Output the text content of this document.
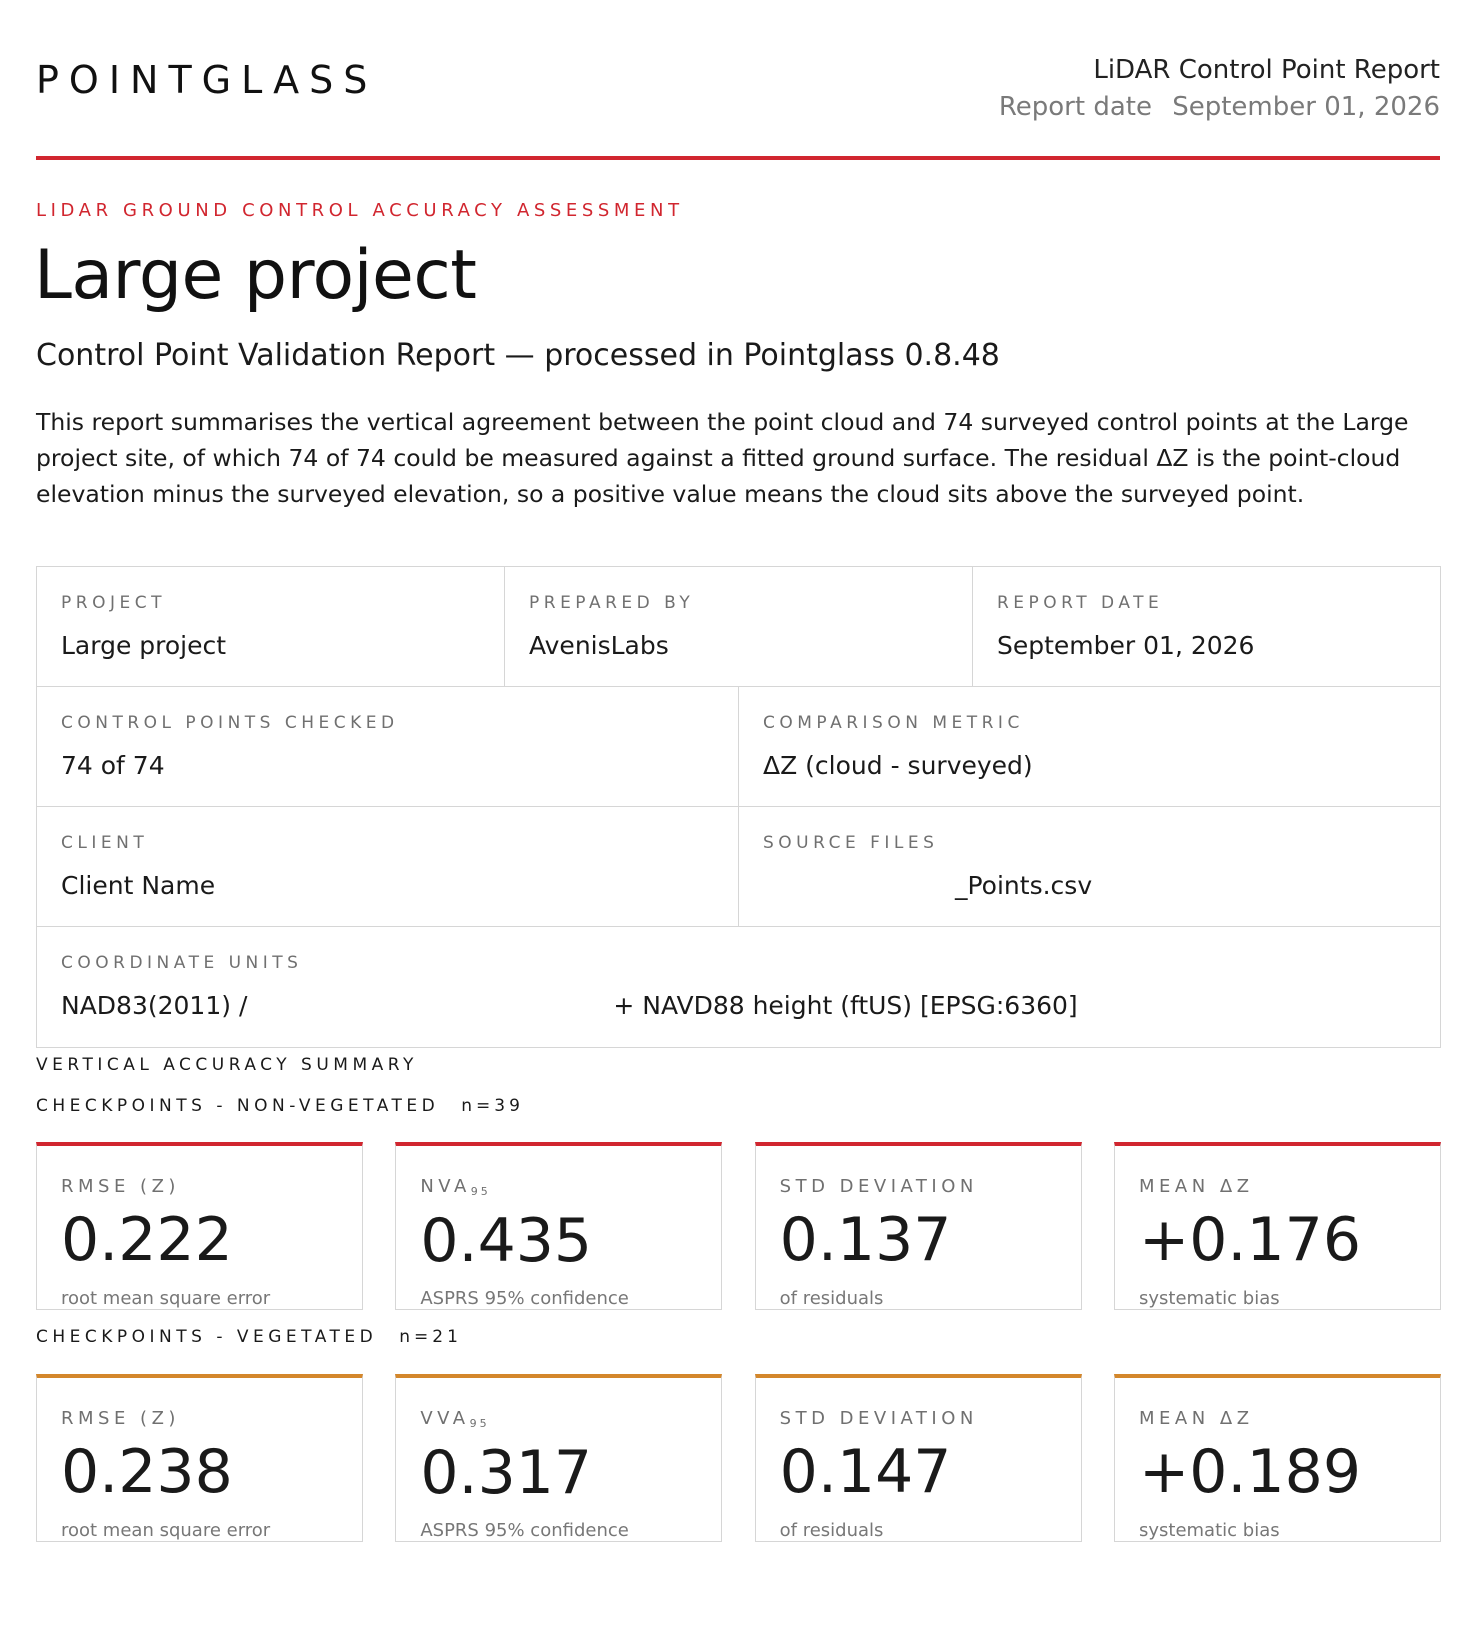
POINTGLASS	LiDAR Control Point Report
Report date September 01, 2026
LIDAR GROUND CONTROL ACCURACY ASSESSMENT
Large project
Control Point Validation Report — processed in Pointglass 0.8.48

This report summarises the vertical agreement between the point cloud and 74 surveyed control points at the Large project site, of which 74 of 74 could be measured against a fitted ground surface. The residual ΔZ is the point-cloud elevation minus the surveyed elevation, so a positive value means the cloud sits above the surveyed point.

PROJECT
Large project
PREPARED BY
AvenisLabs
REPORT DATE
September 01, 2026
CONTROL POINTS CHECKED
74 of 74
COMPARISON METRIC
ΔZ (cloud - surveyed)
CLIENT
Client Name
SOURCE FILES
_Points.csv
COORDINATE UNITS
NAD83(2011) /	+ NAVD88 height (ftUS) [EPSG:6360]
VERTICAL ACCURACY SUMMARY
CHECKPOINTS - NON-VEGETATED n=39
RMSE (Z)
0.222
root mean square error
$NVA_{95}$
0.435
ASPRS 95% confidence
STD DEVIATION
0.137
of residuals
MEAN ΔZ
+0.176
systematic bias
CHECKPOINTS - VEGETATED n=21
RMSE (Z)
0.238
root mean square error
$VVA_{95}$
0.317
ASPRS 95% confidence
STD DEVIATION
0.147
of residuals
MEAN ΔZ
+0.189
systematic bias
